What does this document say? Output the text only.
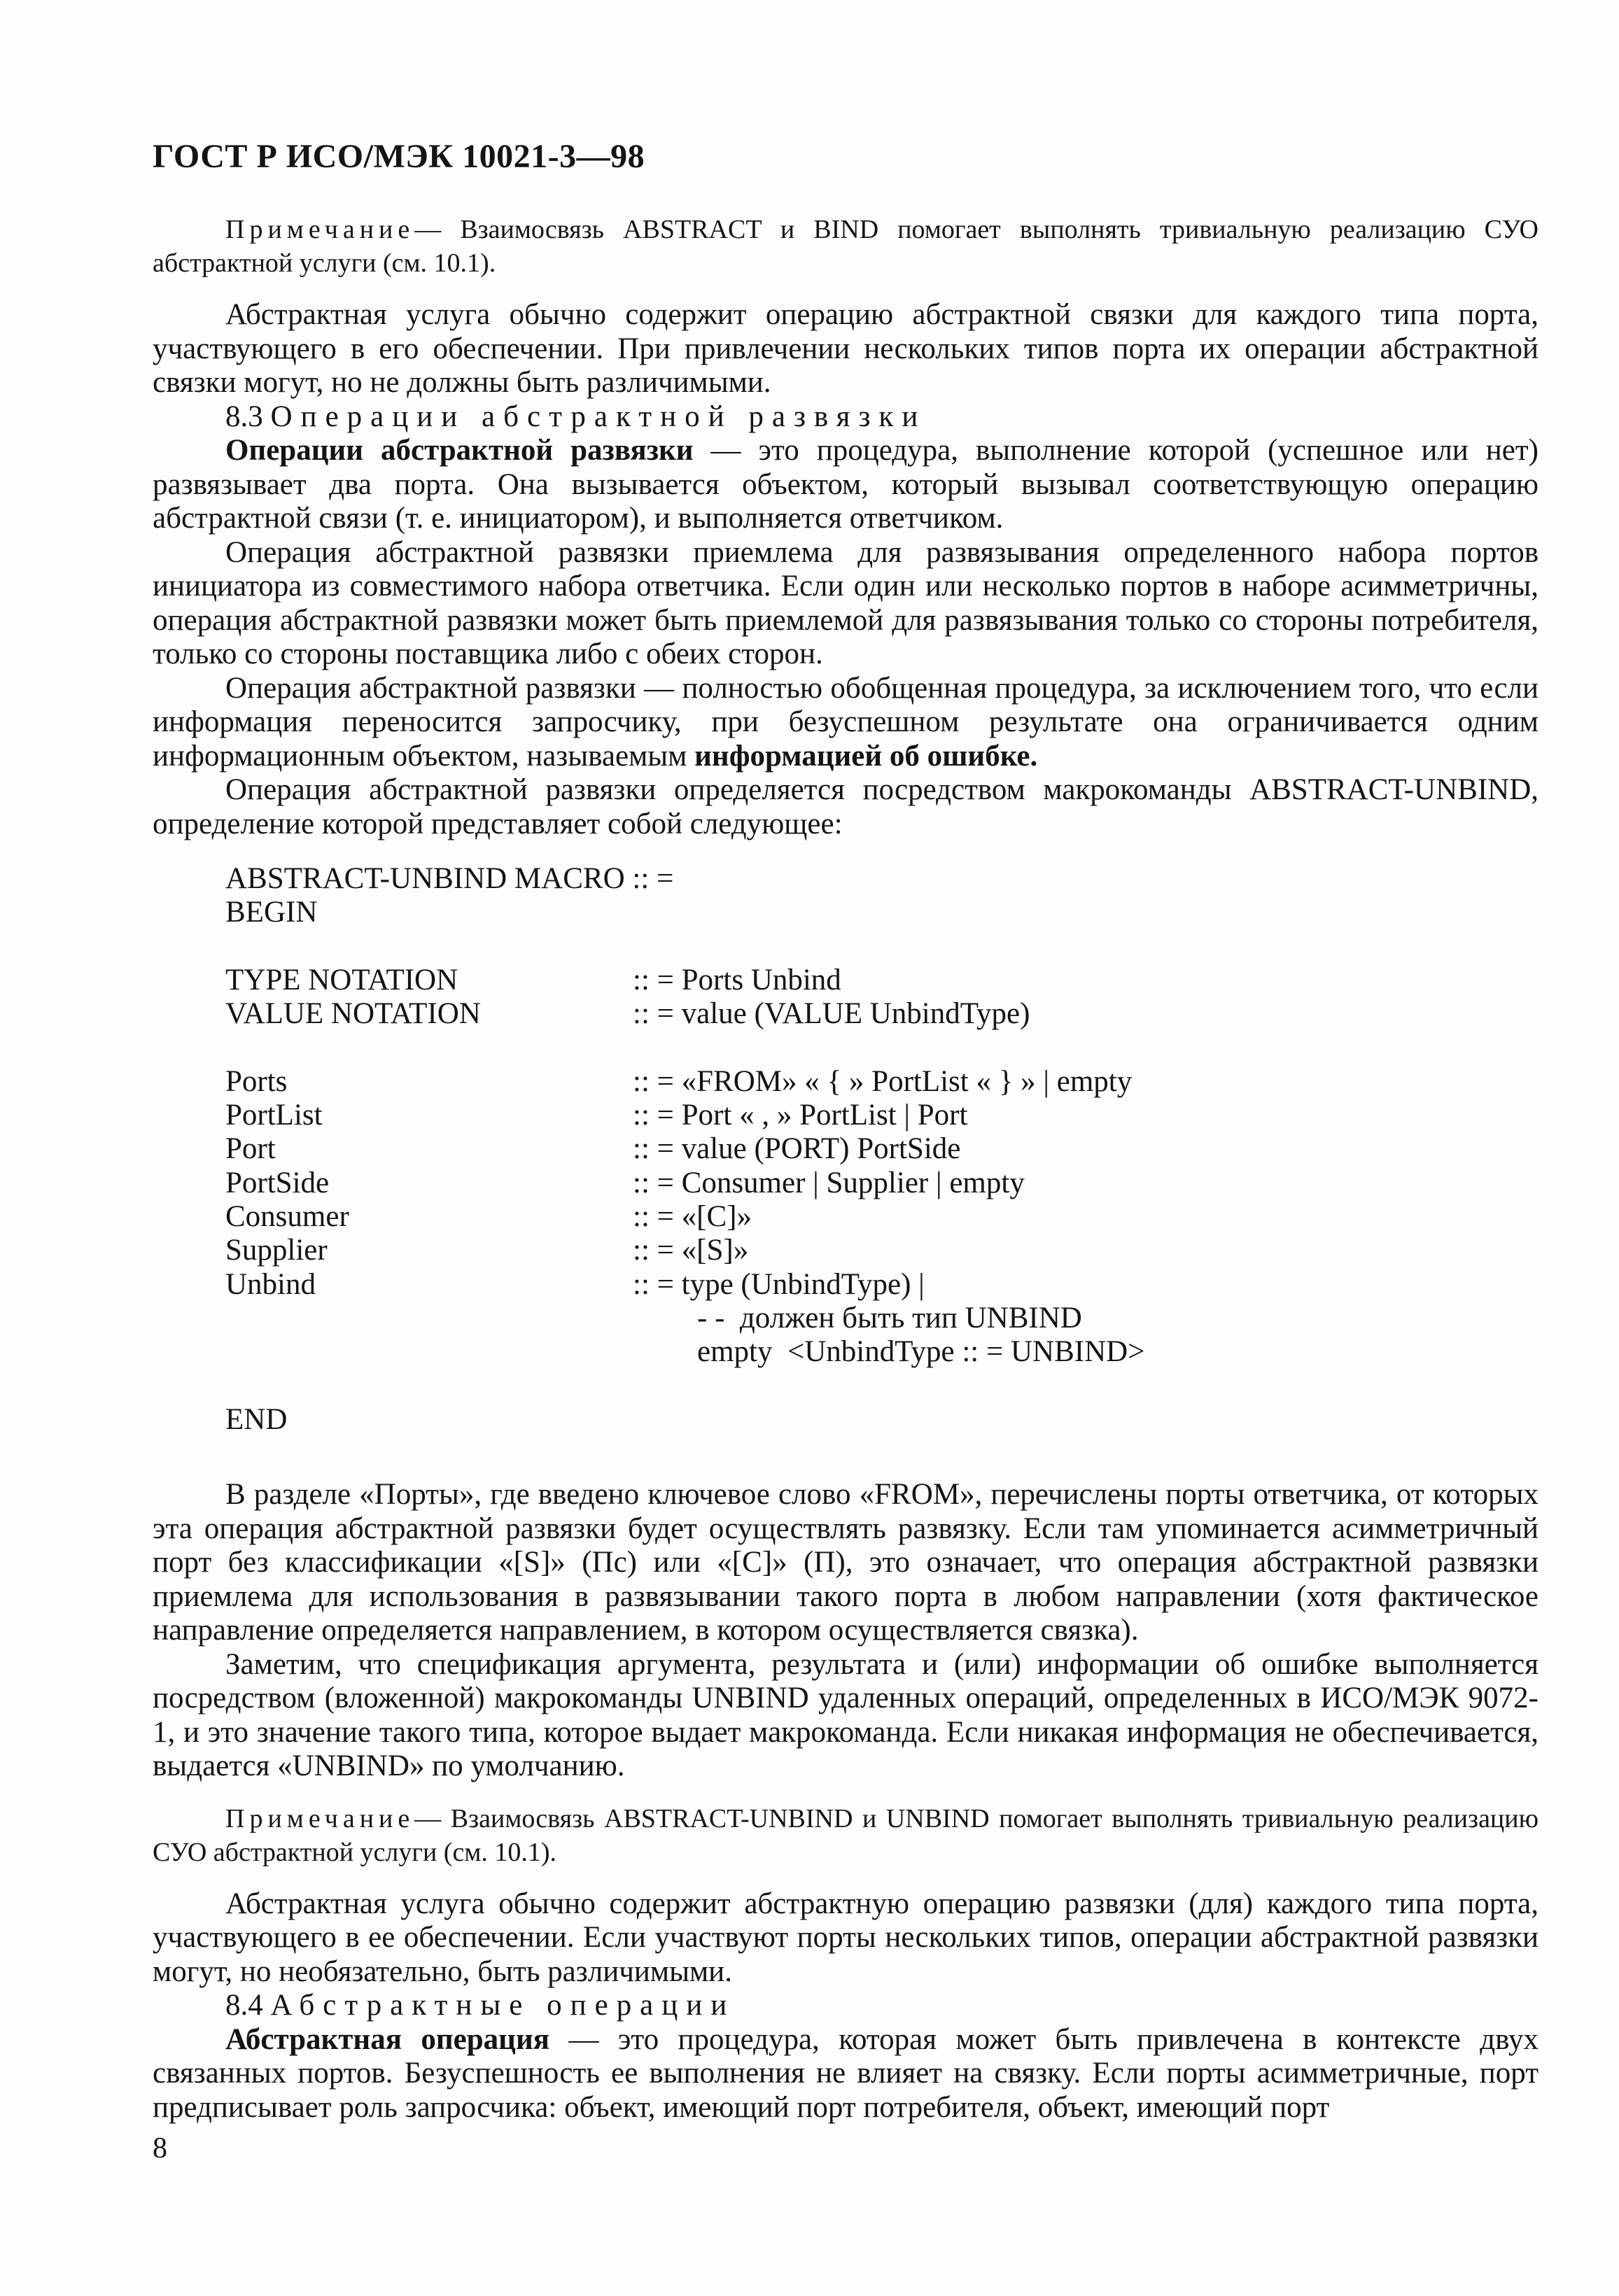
ГОСТ Р ИСО/МЭК 10021-3—98

Примечание— Взаимосвязь ABSTRACT и BIND помогает выполнять тривиальную реализацию СУО абстрактной услуги (см. 10.1).

Абстрактная услуга обычно содержит операцию абстрактной связки для каждого типа порта, участвующего в его обеспечении. При привлечении нескольких типов порта их операции абстрактной связки могут, но не должны быть различимыми.

8.3 Операции абстрактной развязки

Операции абстрактной развязки — это процедура, выполнение которой (успешное или нет) развязывает два порта. Она вызывается объектом, который вызывал соответствующую операцию абстрактной связи (т. е. инициатором), и выполняется ответчиком.

Операция абстрактной развязки приемлема для развязывания определенного набора портов инициатора из совместимого набора ответчика. Если один или несколько портов в наборе асимметричны, операция абстрактной развязки может быть приемлемой для развязывания только со стороны потребителя, только со стороны поставщика либо с обеих сторон.

Операция абстрактной развязки — полностью обобщенная процедура, за исключением того, что если информация переносится запросчику, при безуспешном результате она ограничивается одним информационным объектом, называемым информацией об ошибке.

Операция абстрактной развязки определяется посредством макрокоманды ABSTRACT-UNBIND, определение которой представляет собой следующее:

ABSTRACT-UNBIND MACRO :: =
BEGIN
TYPE NOTATION	:: = Ports Unbind
VALUE NOTATION	:: = value (VALUE UnbindType)
Ports	:: = «FROM» « { » PortList « } » | empty
PortList	:: = Port « , » PortList | Port
Port	:: = value (PORT) PortSide
PortSide	:: = Consumer | Supplier | empty
Consumer	:: = «[C]»
Supplier	:: = «[S]»
Unbind	:: = type (UnbindType) |
- -  должен быть тип UNBIND
empty  <UnbindType :: = UNBIND>
END

В разделе «Порты», где введено ключевое слово «FROM», перечислены порты ответчика, от которых эта операция абстрактной развязки будет осуществлять развязку. Если там упоминается асимметричный порт без классификации «[S]» (Пс) или «[C]» (П), это означает, что операция абстрактной развязки приемлема для использования в развязывании такого порта в любом направлении (хотя фактическое направление определяется направлением, в котором осуществляется связка).

Заметим, что спецификация аргумента, результата и (или) информации об ошибке выполняется посредством (вложенной) макрокоманды UNBIND удаленных операций, определенных в ИСО/МЭК 9072-1, и это значение такого типа, которое выдает макрокоманда. Если никакая информация не обеспечивается, выдается «UNBIND» по умолчанию.

Примечание— Взаимосвязь ABSTRACT-UNBIND и UNBIND помогает выполнять тривиальную реализацию СУО абстрактной услуги (см. 10.1).

Абстрактная услуга обычно содержит абстрактную операцию развязки (для) каждого типа порта, участвующего в ее обеспечении. Если участвуют порты нескольких типов, операции абстрактной развязки могут, но необязательно, быть различимыми.

8.4 Абстрактные операции

Абстрактная операция — это процедура, которая может быть привлечена в контексте двух связанных портов. Безуспешность ее выполнения не влияет на связку. Если порты асимметричные, порт предписывает роль запросчика: объект, имеющий порт потребителя, объект, имеющий порт

8
